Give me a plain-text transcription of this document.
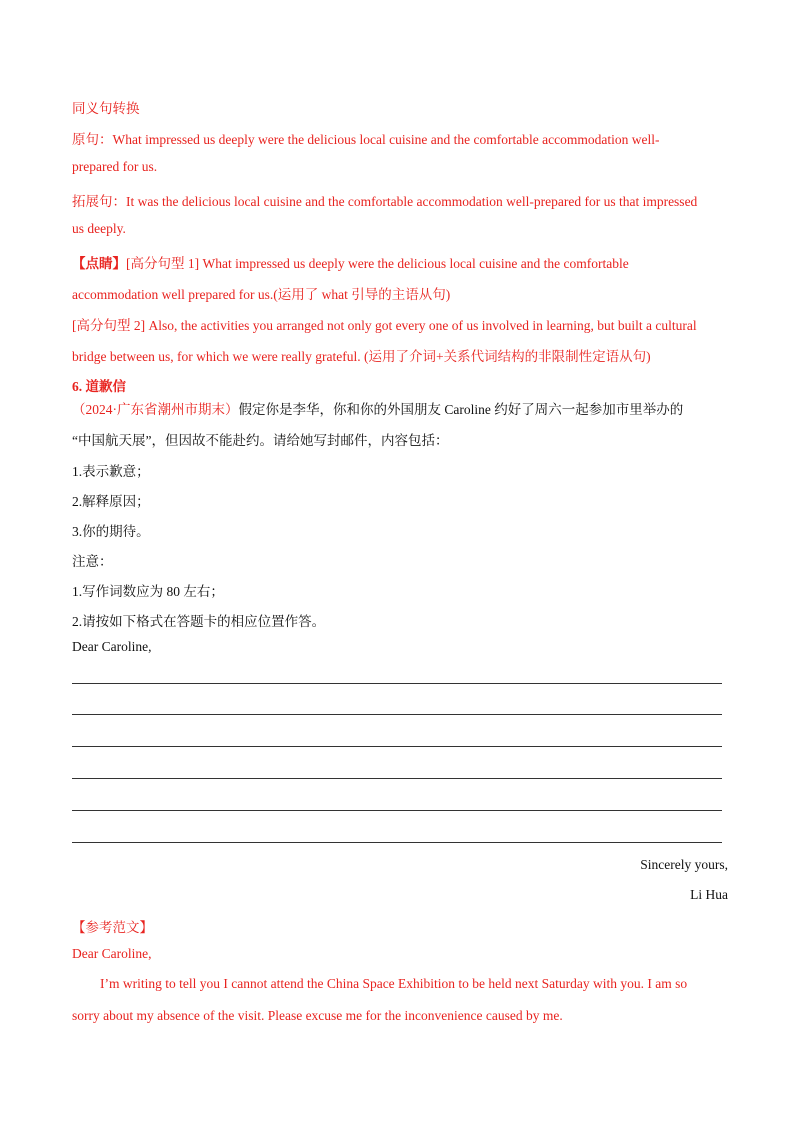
同义句转换
原句：What impressed us deeply were the delicious local cuisine and the comfortable accommodation well-
prepared for us.
拓展句：It was the delicious local cuisine and the comfortable accommodation well-prepared for us that impressed
us deeply.
【点睛】[高分句型 1] What impressed us deeply were the delicious local cuisine and the comfortable
accommodation well prepared for us.(运用了 what 引导的主语从句)
[高分句型 2] Also, the activities you arranged not only got every one of us involved in learning, but built a cultural
bridge between us, for which we were really grateful. (运用了介词+关系代词结构的非限制性定语从句)
6. 道歉信
（2024·广东省潮州市期末）假定你是李华，你和你的外国朋友 Caroline 约好了周六一起参加市里举办的
“中国航天展”，但因故不能赴约。请给她写封邮件，内容包括：
1.表示歉意；
2.解释原因；
3.你的期待。
注意：
1.写作词数应为 80 左右；
2.请按如下格式在答题卡的相应位置作答。
Dear Caroline,
Sincerely yours,
Li Hua
【参考范文】
Dear Caroline,
I’m writing to tell you I cannot attend the China Space Exhibition to be held next Saturday with you. I am so
sorry about my absence of the visit. Please excuse me for the inconvenience caused by me.
